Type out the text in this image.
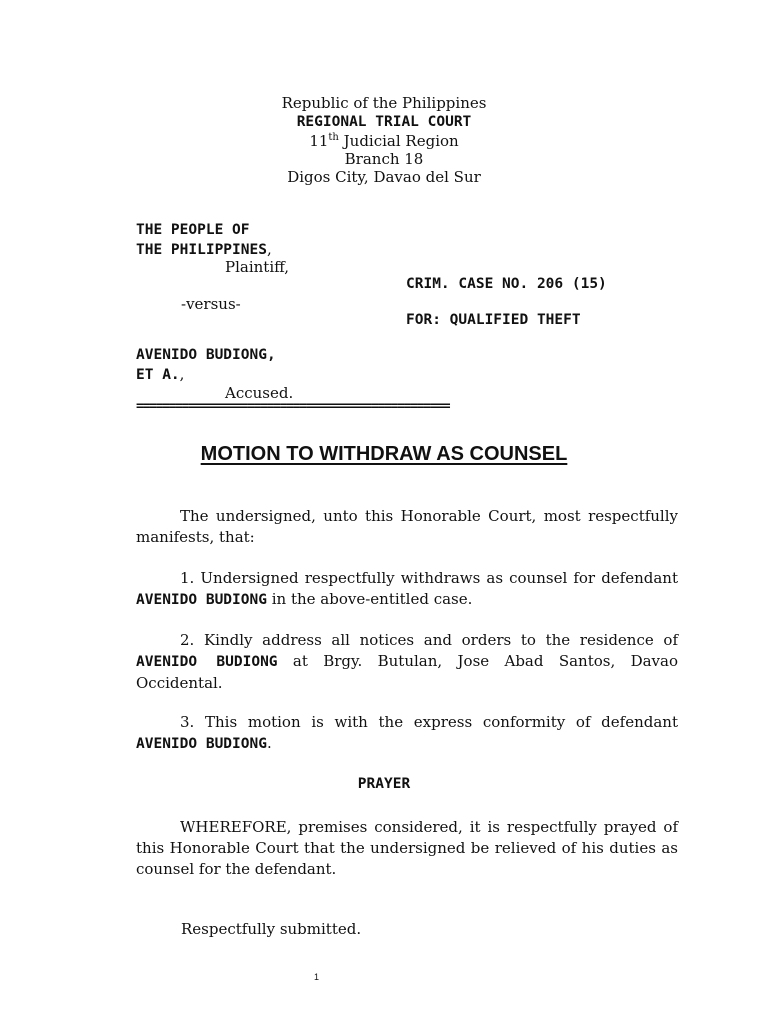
Republic of the Philippines
REGIONAL TRIAL COURT
11th Judicial Region
Branch 18
Digos City, Davao del Sur
THE PEOPLE OF
THE PHILIPPINES,
Plaintiff,
CRIM. CASE NO. 206 (15)
-versus-
FOR: QUALIFIED THEFT
AVENIDO BUDIONG,
ET A.,
Accused.
================================================
MOTION TO WITHDRAW AS COUNSEL
The undersigned, unto this Honorable Court, most respectfully manifests, that:
1. Undersigned respectfully withdraws as counsel for defendant AVENIDO BUDIONG in the above-entitled case.
2. Kindly address all notices and orders to the residence of AVENIDO BUDIONG at Brgy. Butulan, Jose Abad Santos, Davao Occidental.
3. This motion is with the express conformity of defendant AVENIDO BUDIONG.
PRAYER
WHEREFORE, premises considered, it is respectfully prayed of this Honorable Court that the undersigned be relieved of his duties as counsel for the defendant.
Respectfully submitted.
1
